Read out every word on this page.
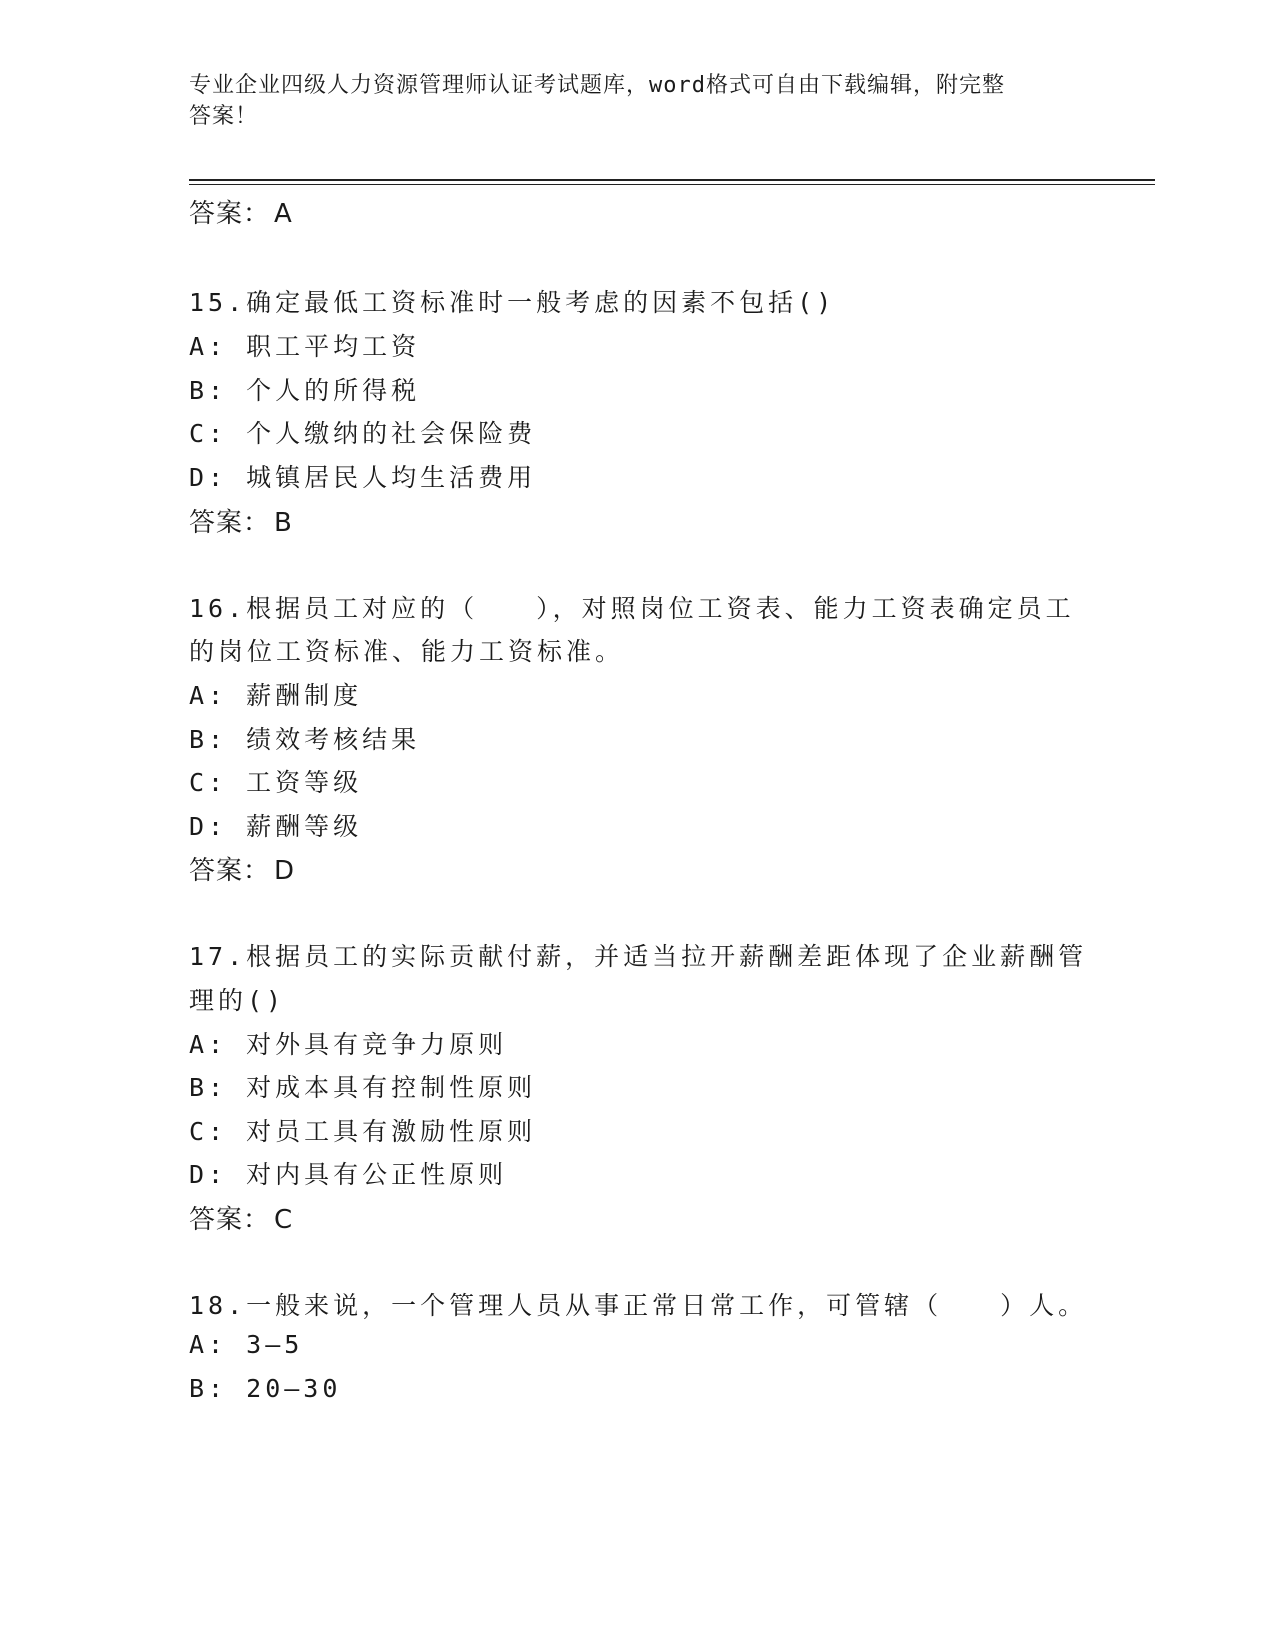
专业企业四级人力资源管理师认证考试题库，word格式可自由下载编辑，附完整
答案！
答案： A
15.确定最低工资标准时一般考虑的因素不包括()
A: 职工平均工资
B: 个人的所得税
C: 个人缴纳的社会保险费
D: 城镇居民人均生活费用
答案： B
16.根据员工对应的（　　），对照岗位工资表、能力工资表确定员工
的岗位工资标准、能力工资标准。
A: 薪酬制度
B: 绩效考核结果
C: 工资等级
D: 薪酬等级
答案： D
17.根据员工的实际贡献付薪，并适当拉开薪酬差距体现了企业薪酬管
理的()
A: 对外具有竞争力原则
B: 对成本具有控制性原则
C: 对员工具有激励性原则
D: 对内具有公正性原则
答案： C
18.一般来说，一个管理人员从事正常日常工作，可管辖（　　）人。
A: 3—5
B: 20—30
